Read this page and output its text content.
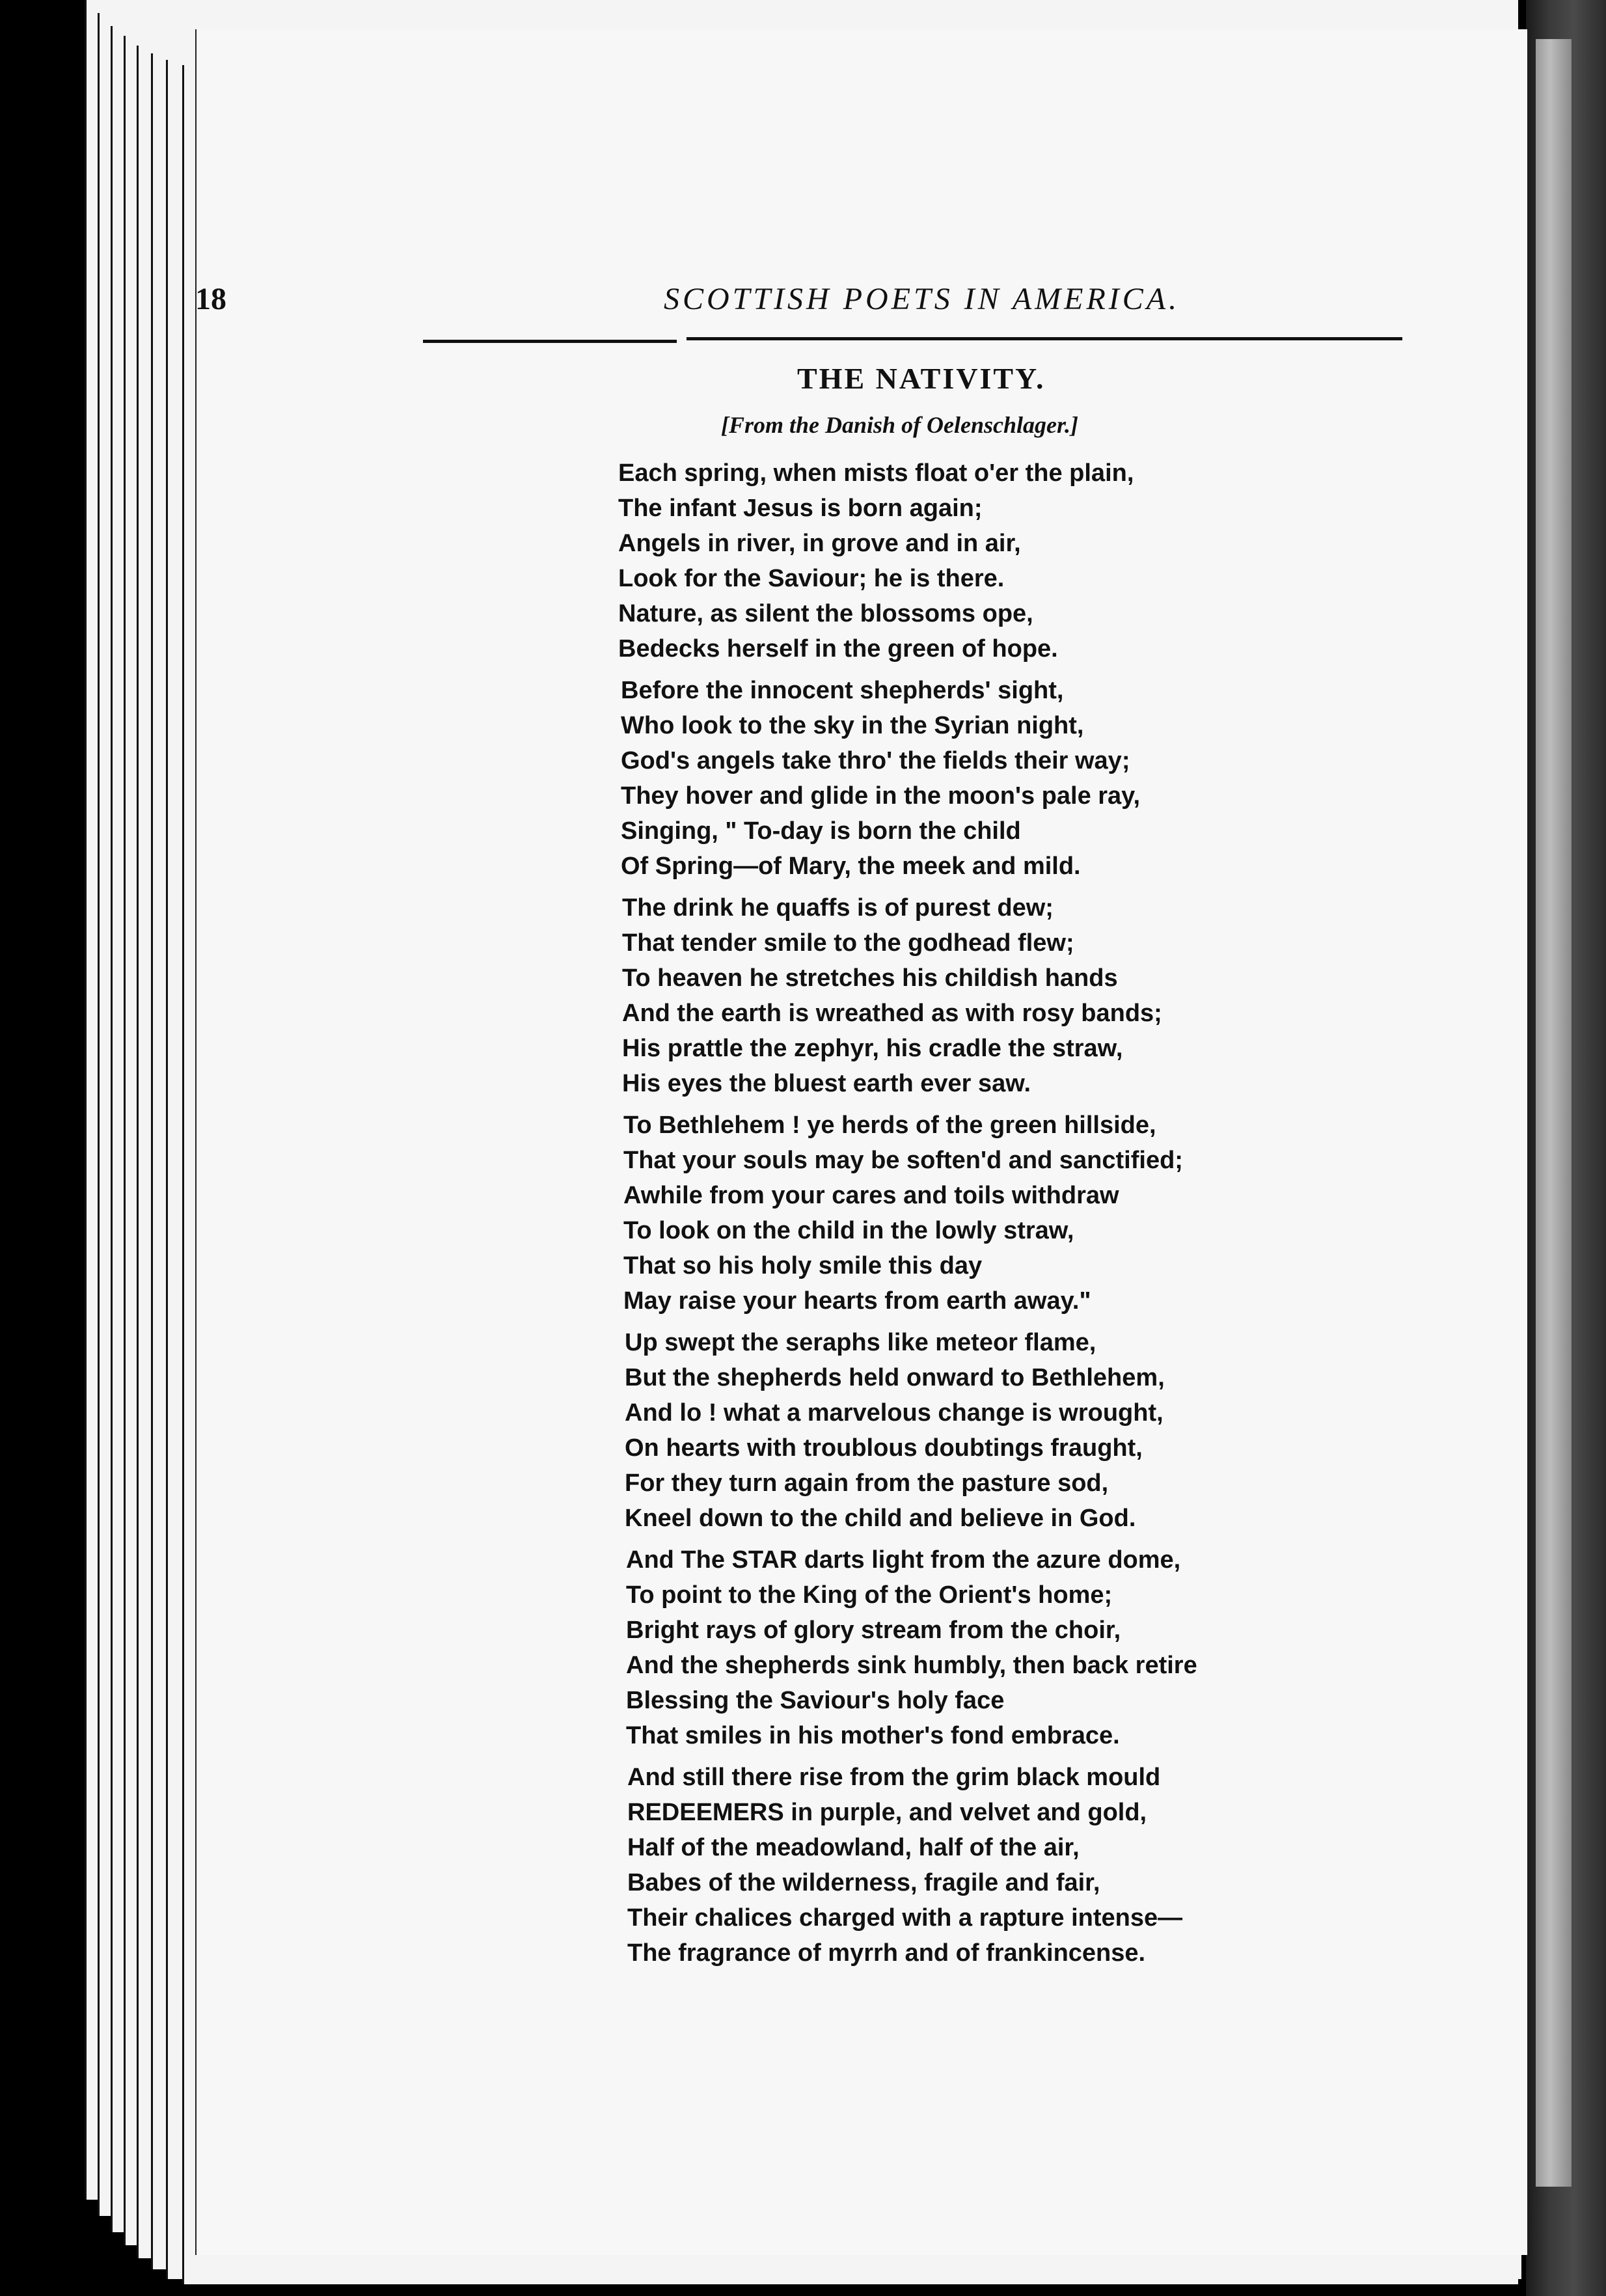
18	SCOTTISH POETS IN AMERICA.
THE NATIVITY.
[From the Danish of Oelenschlager.]
Each spring, when mists float o'er the plain,
The infant Jesus is born again;
Angels in river, in grove and in air,
Look for the Saviour; he is there.
Nature, as silent the blossoms ope,
Bedecks herself in the green of hope.
Before the innocent shepherds' sight,
Who look to the sky in the Syrian night,
God's angels take thro' the fields their way;
They hover and glide in the moon's pale ray,
Singing, " To-day is born the child
Of Spring—of Mary, the meek and mild.
The drink he quaffs is of purest dew;
That tender smile to the godhead flew;
To heaven he stretches his childish hands
And the earth is wreathed as with rosy bands;
His prattle the zephyr, his cradle the straw,
His eyes the bluest earth ever saw.
To Bethlehem ! ye herds of the green hillside,
That your souls may be soften'd and sanctified;
Awhile from your cares and toils withdraw
To look on the child in the lowly straw,
That so his holy smile this day
May raise your hearts from earth away."
Up swept the seraphs like meteor flame,
But the shepherds held onward to Bethlehem,
And lo ! what a marvelous change is wrought,
On hearts with troublous doubtings fraught,
For they turn again from the pasture sod,
Kneel down to the child and believe in God.
And The STAR darts light from the azure dome,
To point to the King of the Orient's home;
Bright rays of glory stream from the choir,
And the shepherds sink humbly, then back retire
Blessing the Saviour's holy face
That smiles in his mother's fond embrace.
And still there rise from the grim black mould
REDEEMERS in purple, and velvet and gold,
Half of the meadowland, half of the air,
Babes of the wilderness, fragile and fair,
Their chalices charged with a rapture intense—
The fragrance of myrrh and of frankincense.
